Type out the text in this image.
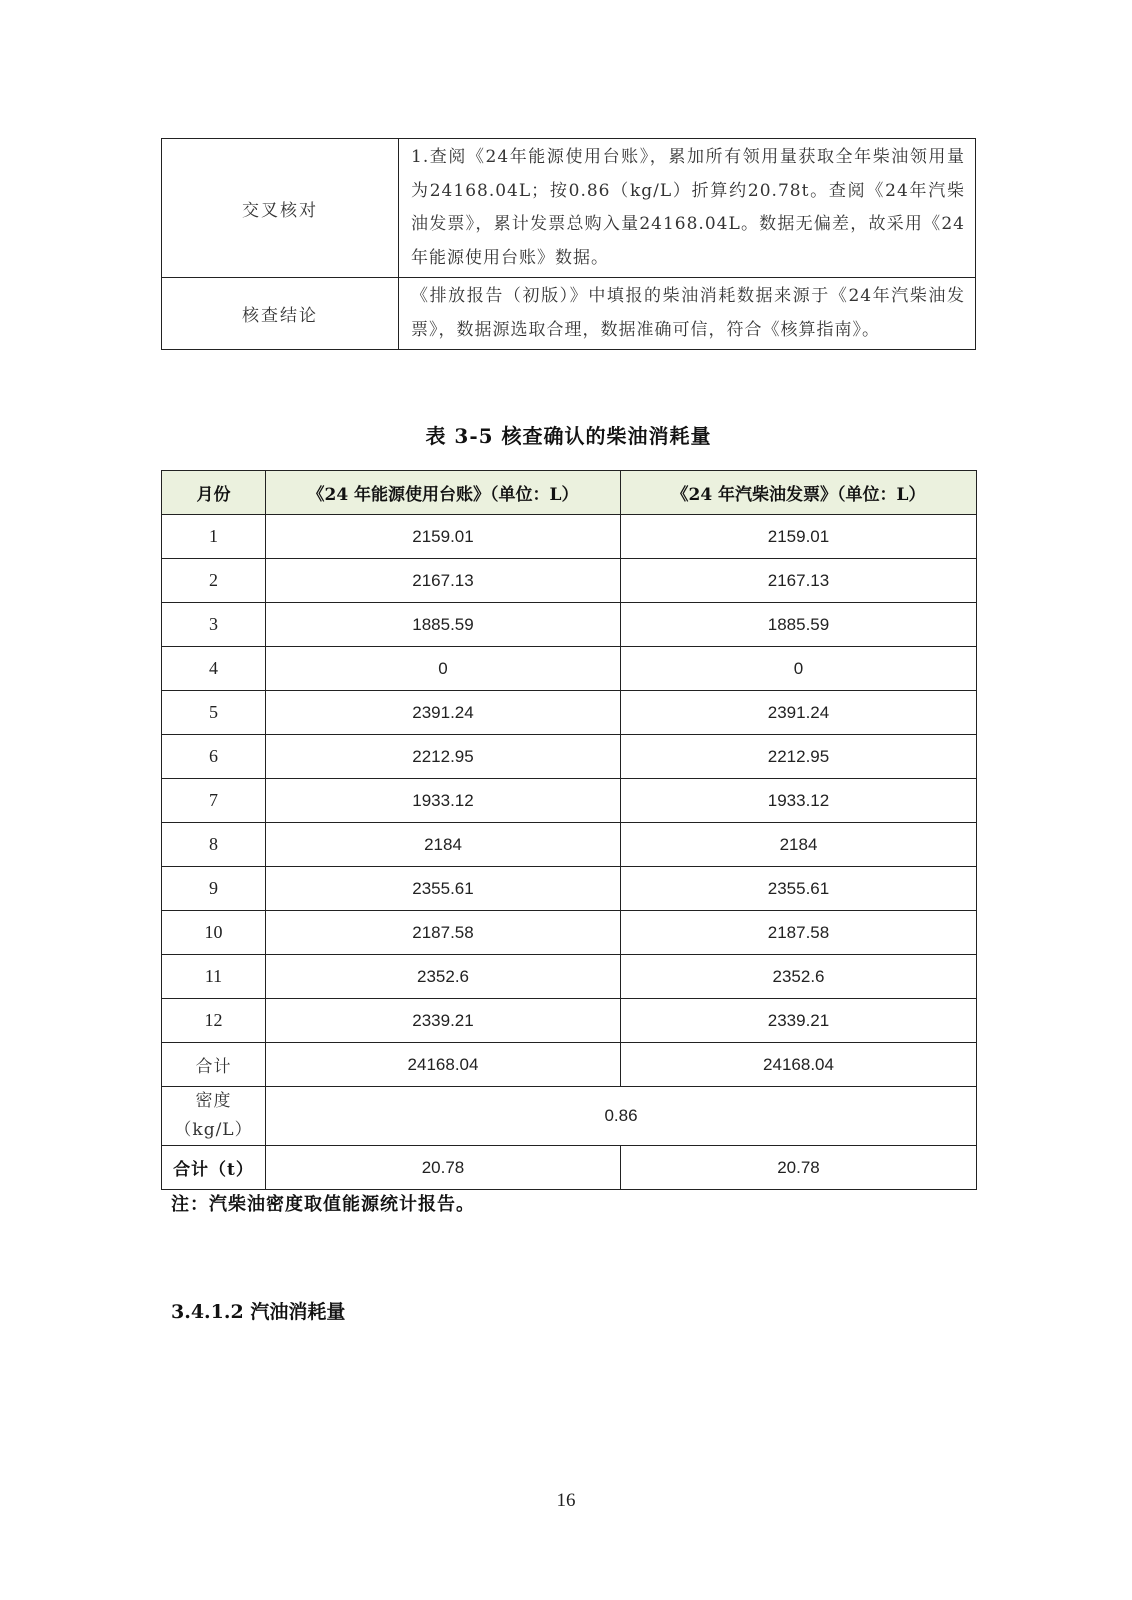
交叉核对	1.查阅《24年能源使用台账》，累加所有领用量获取全年柴油领用量为24168.04L；按0.86（kg/L）折算约20.78t。查阅《24年汽柴油发票》，累计发票总购入量24168.04L。数据无偏差，故采用《24年能源使用台账》数据。
核查结论	《排放报告（初版）》中填报的柴油消耗数据来源于《24年汽柴油发票》，数据源选取合理，数据准确可信，符合《核算指南》。
表 3-5 核查确认的柴油消耗量
月份	《24 年能源使用台账》（单位：L）	《24 年汽柴油发票》（单位：L）
1	2159.01	2159.01
2	2167.13	2167.13
3	1885.59	1885.59
4	0	0
5	2391.24	2391.24
6	2212.95	2212.95
7	1933.12	1933.12
8	2184	2184
9	2355.61	2355.61
10	2187.58	2187.58
11	2352.6	2352.6
12	2339.21	2339.21
合计	24168.04	24168.04
密度
（kg/L）	0.86	
合计（t）	20.78	20.78
注：汽柴油密度取值能源统计报告。
3.4.1.2 汽油消耗量
16
